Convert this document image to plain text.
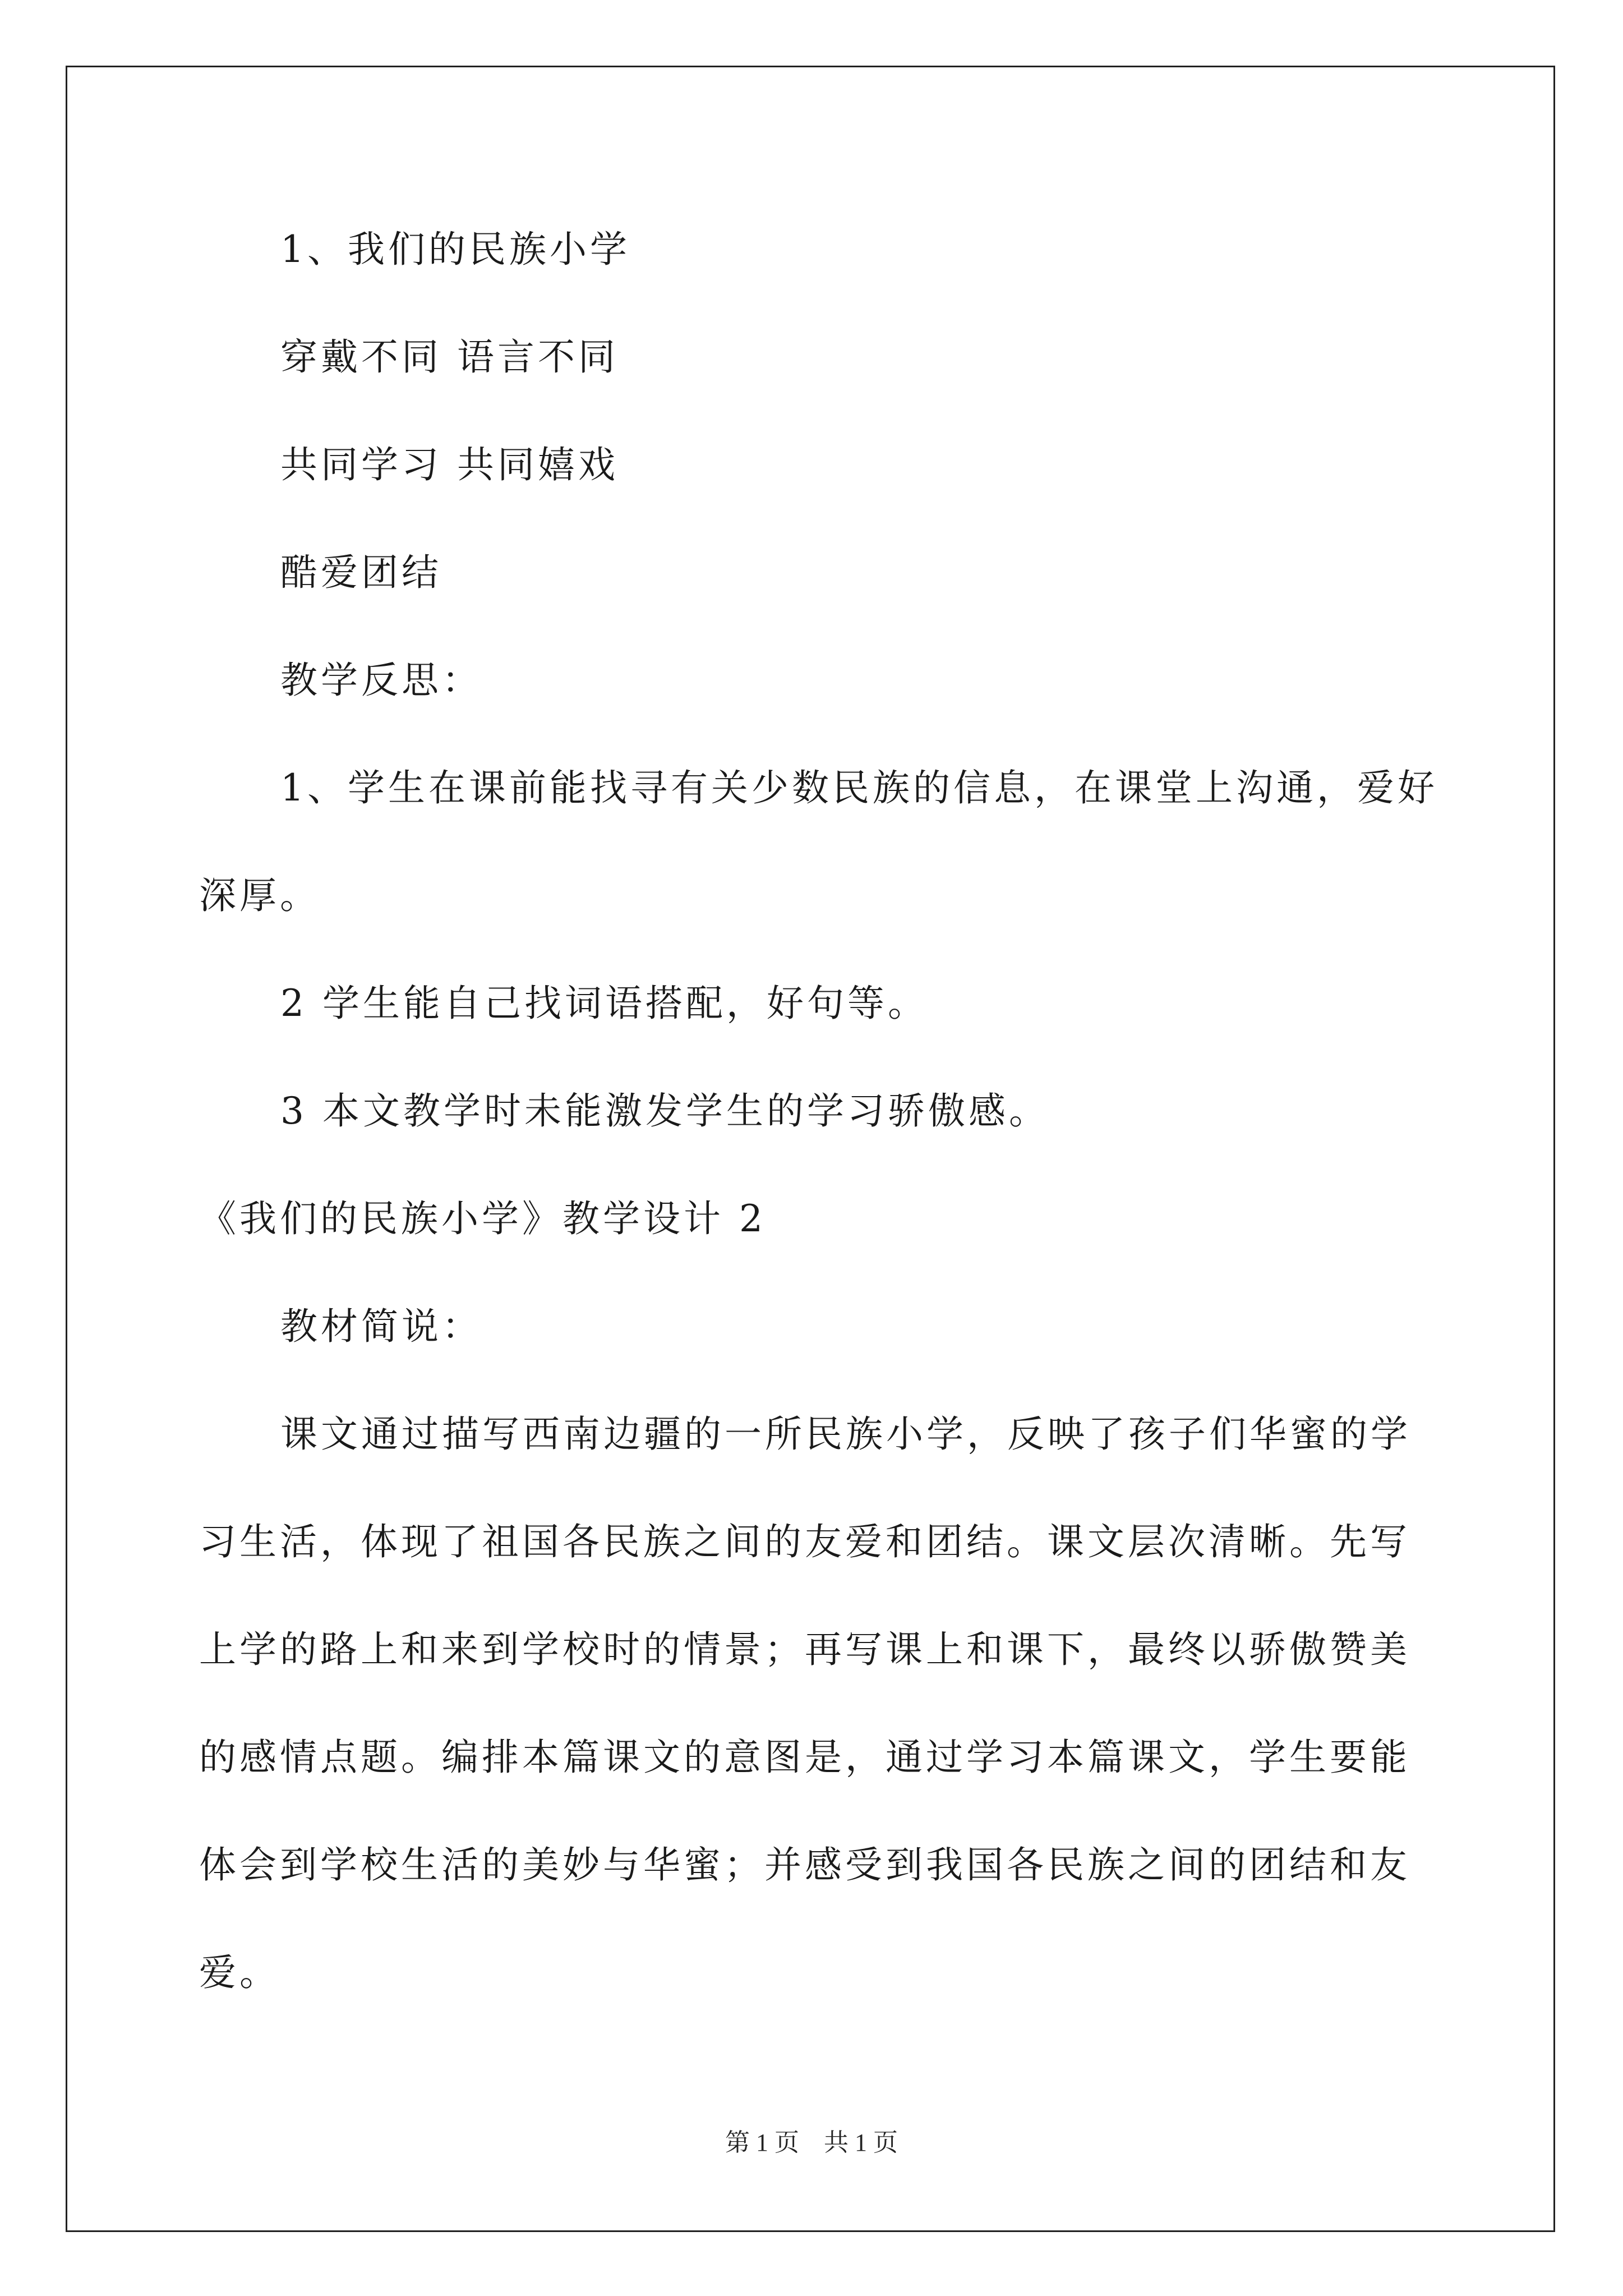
1、我们的民族小学
穿戴不同 语言不同
共同学习 共同嬉戏
酷爱团结
教学反思：
1、学生在课前能找寻有关少数民族的信息，在课堂上沟通，爱好
深厚。
2 学生能自己找词语搭配，好句等。
3 本文教学时未能激发学生的学习骄傲感。
《我们的民族小学》教学设计 2
教材简说：
课文通过描写西南边疆的一所民族小学，反映了孩子们华蜜的学
习生活，体现了祖国各民族之间的友爱和团结。课文层次清晰。先写
上学的路上和来到学校时的情景；再写课上和课下，最终以骄傲赞美
的感情点题。编排本篇课文的意图是，通过学习本篇课文，学生要能
体会到学校生活的美妙与华蜜；并感受到我国各民族之间的团结和友
爱。
第 1 页　共 1 页
